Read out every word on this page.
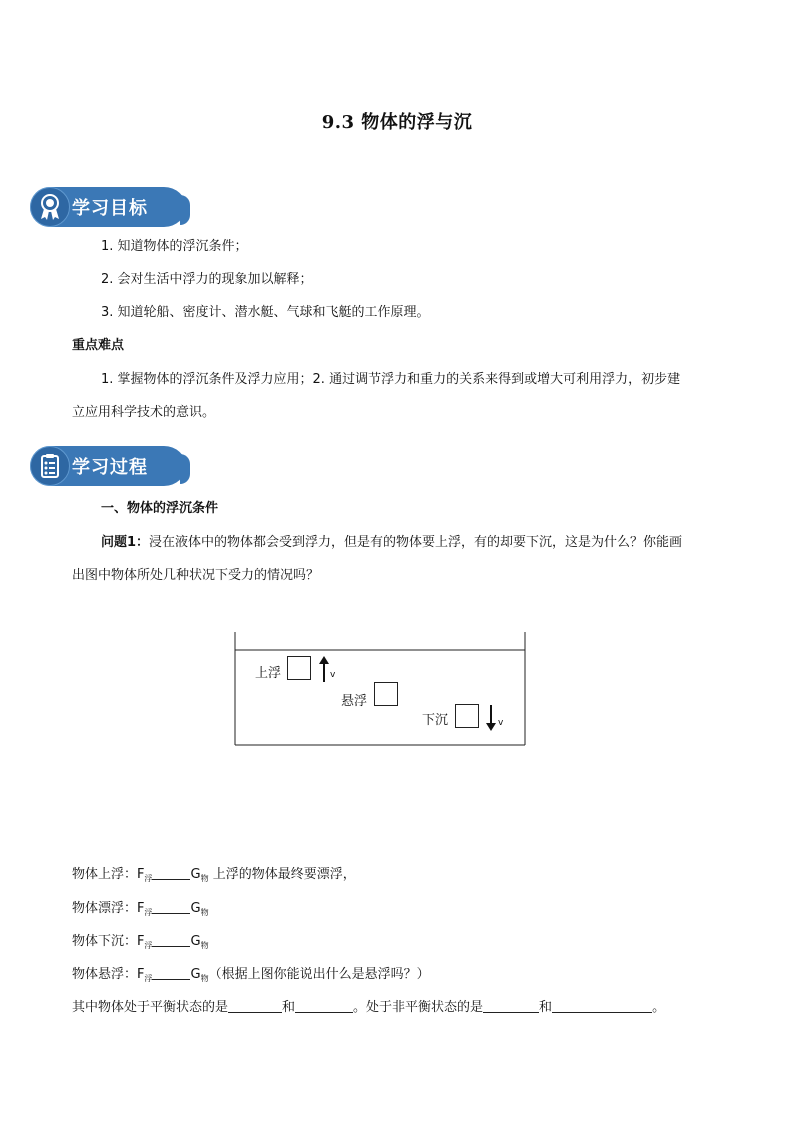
9.3 物体的浮与沉
学习目标
1. 知道物体的浮沉条件；
2. 会对生活中浮力的现象加以解释；
3. 知道轮船、密度计、潜水艇、气球和飞艇的工作原理。
重点难点
1. 掌握物体的浮沉条件及浮力应用；2. 通过调节浮力和重力的关系来得到或增大可利用浮力，初步建
立应用科学技术的意识。
学习过程
一、物体的浮沉条件
问题1：浸在液体中的物体都会受到浮力，但是有的物体要上浮，有的却要下沉，这是为什么？你能画
出图中物体所处几种状况下受力的情况吗？
上浮	v
悬浮
下沉	v
物体上浮：$F_浮$	$G_物$ 上浮的物体最终要漂浮，
物体漂浮：$F_浮$	$G_物$
物体下沉：$F_浮$	$G_物$
物体悬浮：$F_浮$	$G_物$（根据上图你能说出什么是悬浮吗？）
其中物体处于平衡状态的是	和	。处于非平衡状态的是	和	。
